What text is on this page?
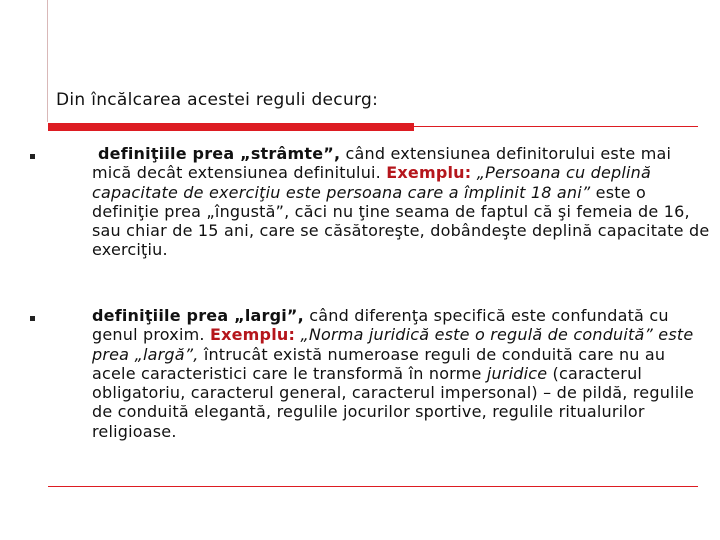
Din încălcarea acestei reguli decurg:
definiţiile prea „strâmte”, când extensiunea definitorului este mai mică decât extensiunea definitului. Exemplu: „Persoana cu deplină capacitate de exerciţiu este persoana care a împlinit 18 ani” este o definiţie prea „îngustă”, căci nu ţine seama de faptul că şi femeia de 16, sau chiar de 15 ani, care se căsătoreşte, dobândeşte deplină capacitate de exerciţiu.
definiţiile prea „largi”, când diferenţa specifică este confundată cu genul proxim. Exemplu: „Norma juridică este o regulă de conduită” este prea „largă”, întrucât există numeroase reguli de conduită care nu au acele caracteristici care le transformă în norme juridice (caracterul obligatoriu, caracterul general, caracterul impersonal) – de pildă, regulile de conduită elegantă, regulile jocurilor sportive, regulile ritualurilor religioase.
